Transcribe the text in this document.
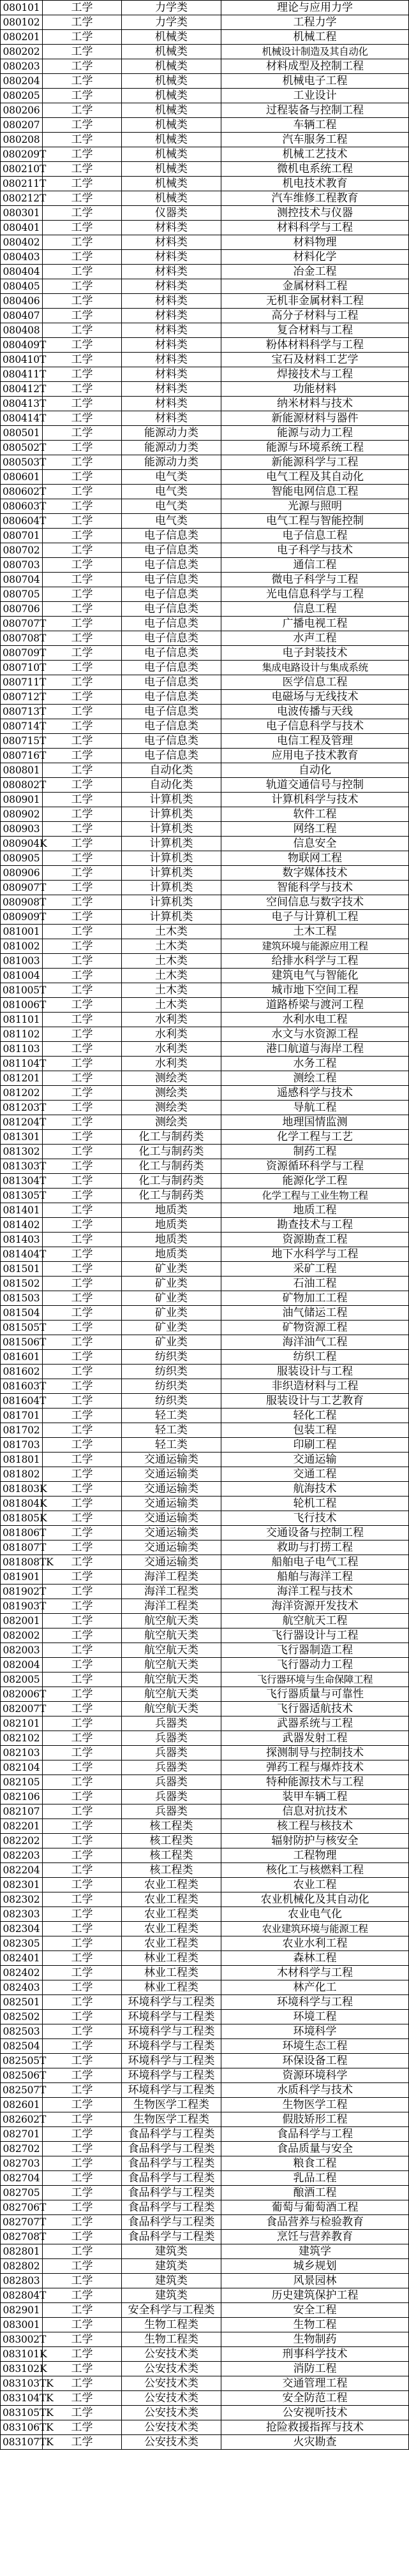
080101	工学	力学类	理论与应用力学
080102	工学	力学类	工程力学
080201	工学	机械类	机械工程
080202	工学	机械类	机械设计制造及其自动化
080203	工学	机械类	材料成型及控制工程
080204	工学	机械类	机械电子工程
080205	工学	机械类	工业设计
080206	工学	机械类	过程装备与控制工程
080207	工学	机械类	车辆工程
080208	工学	机械类	汽车服务工程
080209T	工学	机械类	机械工艺技术
080210T	工学	机械类	微机电系统工程
080211T	工学	机械类	机电技术教育
080212T	工学	机械类	汽车维修工程教育
080301	工学	仪器类	测控技术与仪器
080401	工学	材料类	材料科学与工程
080402	工学	材料类	材料物理
080403	工学	材料类	材料化学
080404	工学	材料类	冶金工程
080405	工学	材料类	金属材料工程
080406	工学	材料类	无机非金属材料工程
080407	工学	材料类	高分子材料与工程
080408	工学	材料类	复合材料与工程
080409T	工学	材料类	粉体材料科学与工程
080410T	工学	材料类	宝石及材料工艺学
080411T	工学	材料类	焊接技术与工程
080412T	工学	材料类	功能材料
080413T	工学	材料类	纳米材料与技术
080414T	工学	材料类	新能源材料与器件
080501	工学	能源动力类	能源与动力工程
080502T	工学	能源动力类	能源与环境系统工程
080503T	工学	能源动力类	新能源科学与工程
080601	工学	电气类	电气工程及其自动化
080602T	工学	电气类	智能电网信息工程
080603T	工学	电气类	光源与照明
080604T	工学	电气类	电气工程与智能控制
080701	工学	电子信息类	电子信息工程
080702	工学	电子信息类	电子科学与技术
080703	工学	电子信息类	通信工程
080704	工学	电子信息类	微电子科学与工程
080705	工学	电子信息类	光电信息科学与工程
080706	工学	电子信息类	信息工程
080707T	工学	电子信息类	广播电视工程
080708T	工学	电子信息类	水声工程
080709T	工学	电子信息类	电子封装技术
080710T	工学	电子信息类	集成电路设计与集成系统
080711T	工学	电子信息类	医学信息工程
080712T	工学	电子信息类	电磁场与无线技术
080713T	工学	电子信息类	电波传播与天线
080714T	工学	电子信息类	电子信息科学与技术
080715T	工学	电子信息类	电信工程及管理
080716T	工学	电子信息类	应用电子技术教育
080801	工学	自动化类	自动化
080802T	工学	自动化类	轨道交通信号与控制
080901	工学	计算机类	计算机科学与技术
080902	工学	计算机类	软件工程
080903	工学	计算机类	网络工程
080904K	工学	计算机类	信息安全
080905	工学	计算机类	物联网工程
080906	工学	计算机类	数字媒体技术
080907T	工学	计算机类	智能科学与技术
080908T	工学	计算机类	空间信息与数字技术
080909T	工学	计算机类	电子与计算机工程
081001	工学	土木类	土木工程
081002	工学	土木类	建筑环境与能源应用工程
081003	工学	土木类	给排水科学与工程
081004	工学	土木类	建筑电气与智能化
081005T	工学	土木类	城市地下空间工程
081006T	工学	土木类	道路桥梁与渡河工程
081101	工学	水利类	水利水电工程
081102	工学	水利类	水文与水资源工程
081103	工学	水利类	港口航道与海岸工程
081104T	工学	水利类	水务工程
081201	工学	测绘类	测绘工程
081202	工学	测绘类	遥感科学与技术
081203T	工学	测绘类	导航工程
081204T	工学	测绘类	地理国情监测
081301	工学	化工与制药类	化学工程与工艺
081302	工学	化工与制药类	制药工程
081303T	工学	化工与制药类	资源循环科学与工程
081304T	工学	化工与制药类	能源化学工程
081305T	工学	化工与制药类	化学工程与工业生物工程
081401	工学	地质类	地质工程
081402	工学	地质类	勘查技术与工程
081403	工学	地质类	资源勘查工程
081404T	工学	地质类	地下水科学与工程
081501	工学	矿业类	采矿工程
081502	工学	矿业类	石油工程
081503	工学	矿业类	矿物加工工程
081504	工学	矿业类	油气储运工程
081505T	工学	矿业类	矿物资源工程
081506T	工学	矿业类	海洋油气工程
081601	工学	纺织类	纺织工程
081602	工学	纺织类	服装设计与工程
081603T	工学	纺织类	非织造材料与工程
081604T	工学	纺织类	服装设计与工艺教育
081701	工学	轻工类	轻化工程
081702	工学	轻工类	包装工程
081703	工学	轻工类	印刷工程
081801	工学	交通运输类	交通运输
081802	工学	交通运输类	交通工程
081803K	工学	交通运输类	航海技术
081804K	工学	交通运输类	轮机工程
081805K	工学	交通运输类	飞行技术
081806T	工学	交通运输类	交通设备与控制工程
081807T	工学	交通运输类	救助与打捞工程
081808TK	工学	交通运输类	船舶电子电气工程
081901	工学	海洋工程类	船舶与海洋工程
081902T	工学	海洋工程类	海洋工程与技术
081903T	工学	海洋工程类	海洋资源开发技术
082001	工学	航空航天类	航空航天工程
082002	工学	航空航天类	飞行器设计与工程
082003	工学	航空航天类	飞行器制造工程
082004	工学	航空航天类	飞行器动力工程
082005	工学	航空航天类	飞行器环境与生命保障工程
082006T	工学	航空航天类	飞行器质量与可靠性
082007T	工学	航空航天类	飞行器适航技术
082101	工学	兵器类	武器系统与工程
082102	工学	兵器类	武器发射工程
082103	工学	兵器类	探测制导与控制技术
082104	工学	兵器类	弹药工程与爆炸技术
082105	工学	兵器类	特种能源技术与工程
082106	工学	兵器类	装甲车辆工程
082107	工学	兵器类	信息对抗技术
082201	工学	核工程类	核工程与核技术
082202	工学	核工程类	辐射防护与核安全
082203	工学	核工程类	工程物理
082204	工学	核工程类	核化工与核燃料工程
082301	工学	农业工程类	农业工程
082302	工学	农业工程类	农业机械化及其自动化
082303	工学	农业工程类	农业电气化
082304	工学	农业工程类	农业建筑环境与能源工程
082305	工学	农业工程类	农业水利工程
082401	工学	林业工程类	森林工程
082402	工学	林业工程类	木材科学与工程
082403	工学	林业工程类	林产化工
082501	工学	环境科学与工程类	环境科学与工程
082502	工学	环境科学与工程类	环境工程
082503	工学	环境科学与工程类	环境科学
082504	工学	环境科学与工程类	环境生态工程
082505T	工学	环境科学与工程类	环保设备工程
082506T	工学	环境科学与工程类	资源环境科学
082507T	工学	环境科学与工程类	水质科学与技术
082601	工学	生物医学工程类	生物医学工程
082602T	工学	生物医学工程类	假肢矫形工程
082701	工学	食品科学与工程类	食品科学与工程
082702	工学	食品科学与工程类	食品质量与安全
082703	工学	食品科学与工程类	粮食工程
082704	工学	食品科学与工程类	乳品工程
082705	工学	食品科学与工程类	酿酒工程
082706T	工学	食品科学与工程类	葡萄与葡萄酒工程
082707T	工学	食品科学与工程类	食品营养与检验教育
082708T	工学	食品科学与工程类	烹饪与营养教育
082801	工学	建筑类	建筑学
082802	工学	建筑类	城乡规划
082803	工学	建筑类	风景园林
082804T	工学	建筑类	历史建筑保护工程
082901	工学	安全科学与工程类	安全工程
083001	工学	生物工程类	生物工程
083002T	工学	生物工程类	生物制药
083101K	工学	公安技术类	刑事科学技术
083102K	工学	公安技术类	消防工程
083103TK	工学	公安技术类	交通管理工程
083104TK	工学	公安技术类	安全防范工程
083105TK	工学	公安技术类	公安视听技术
083106TK	工学	公安技术类	抢险救援指挥与技术
083107TK	工学	公安技术类	火灾勘查
